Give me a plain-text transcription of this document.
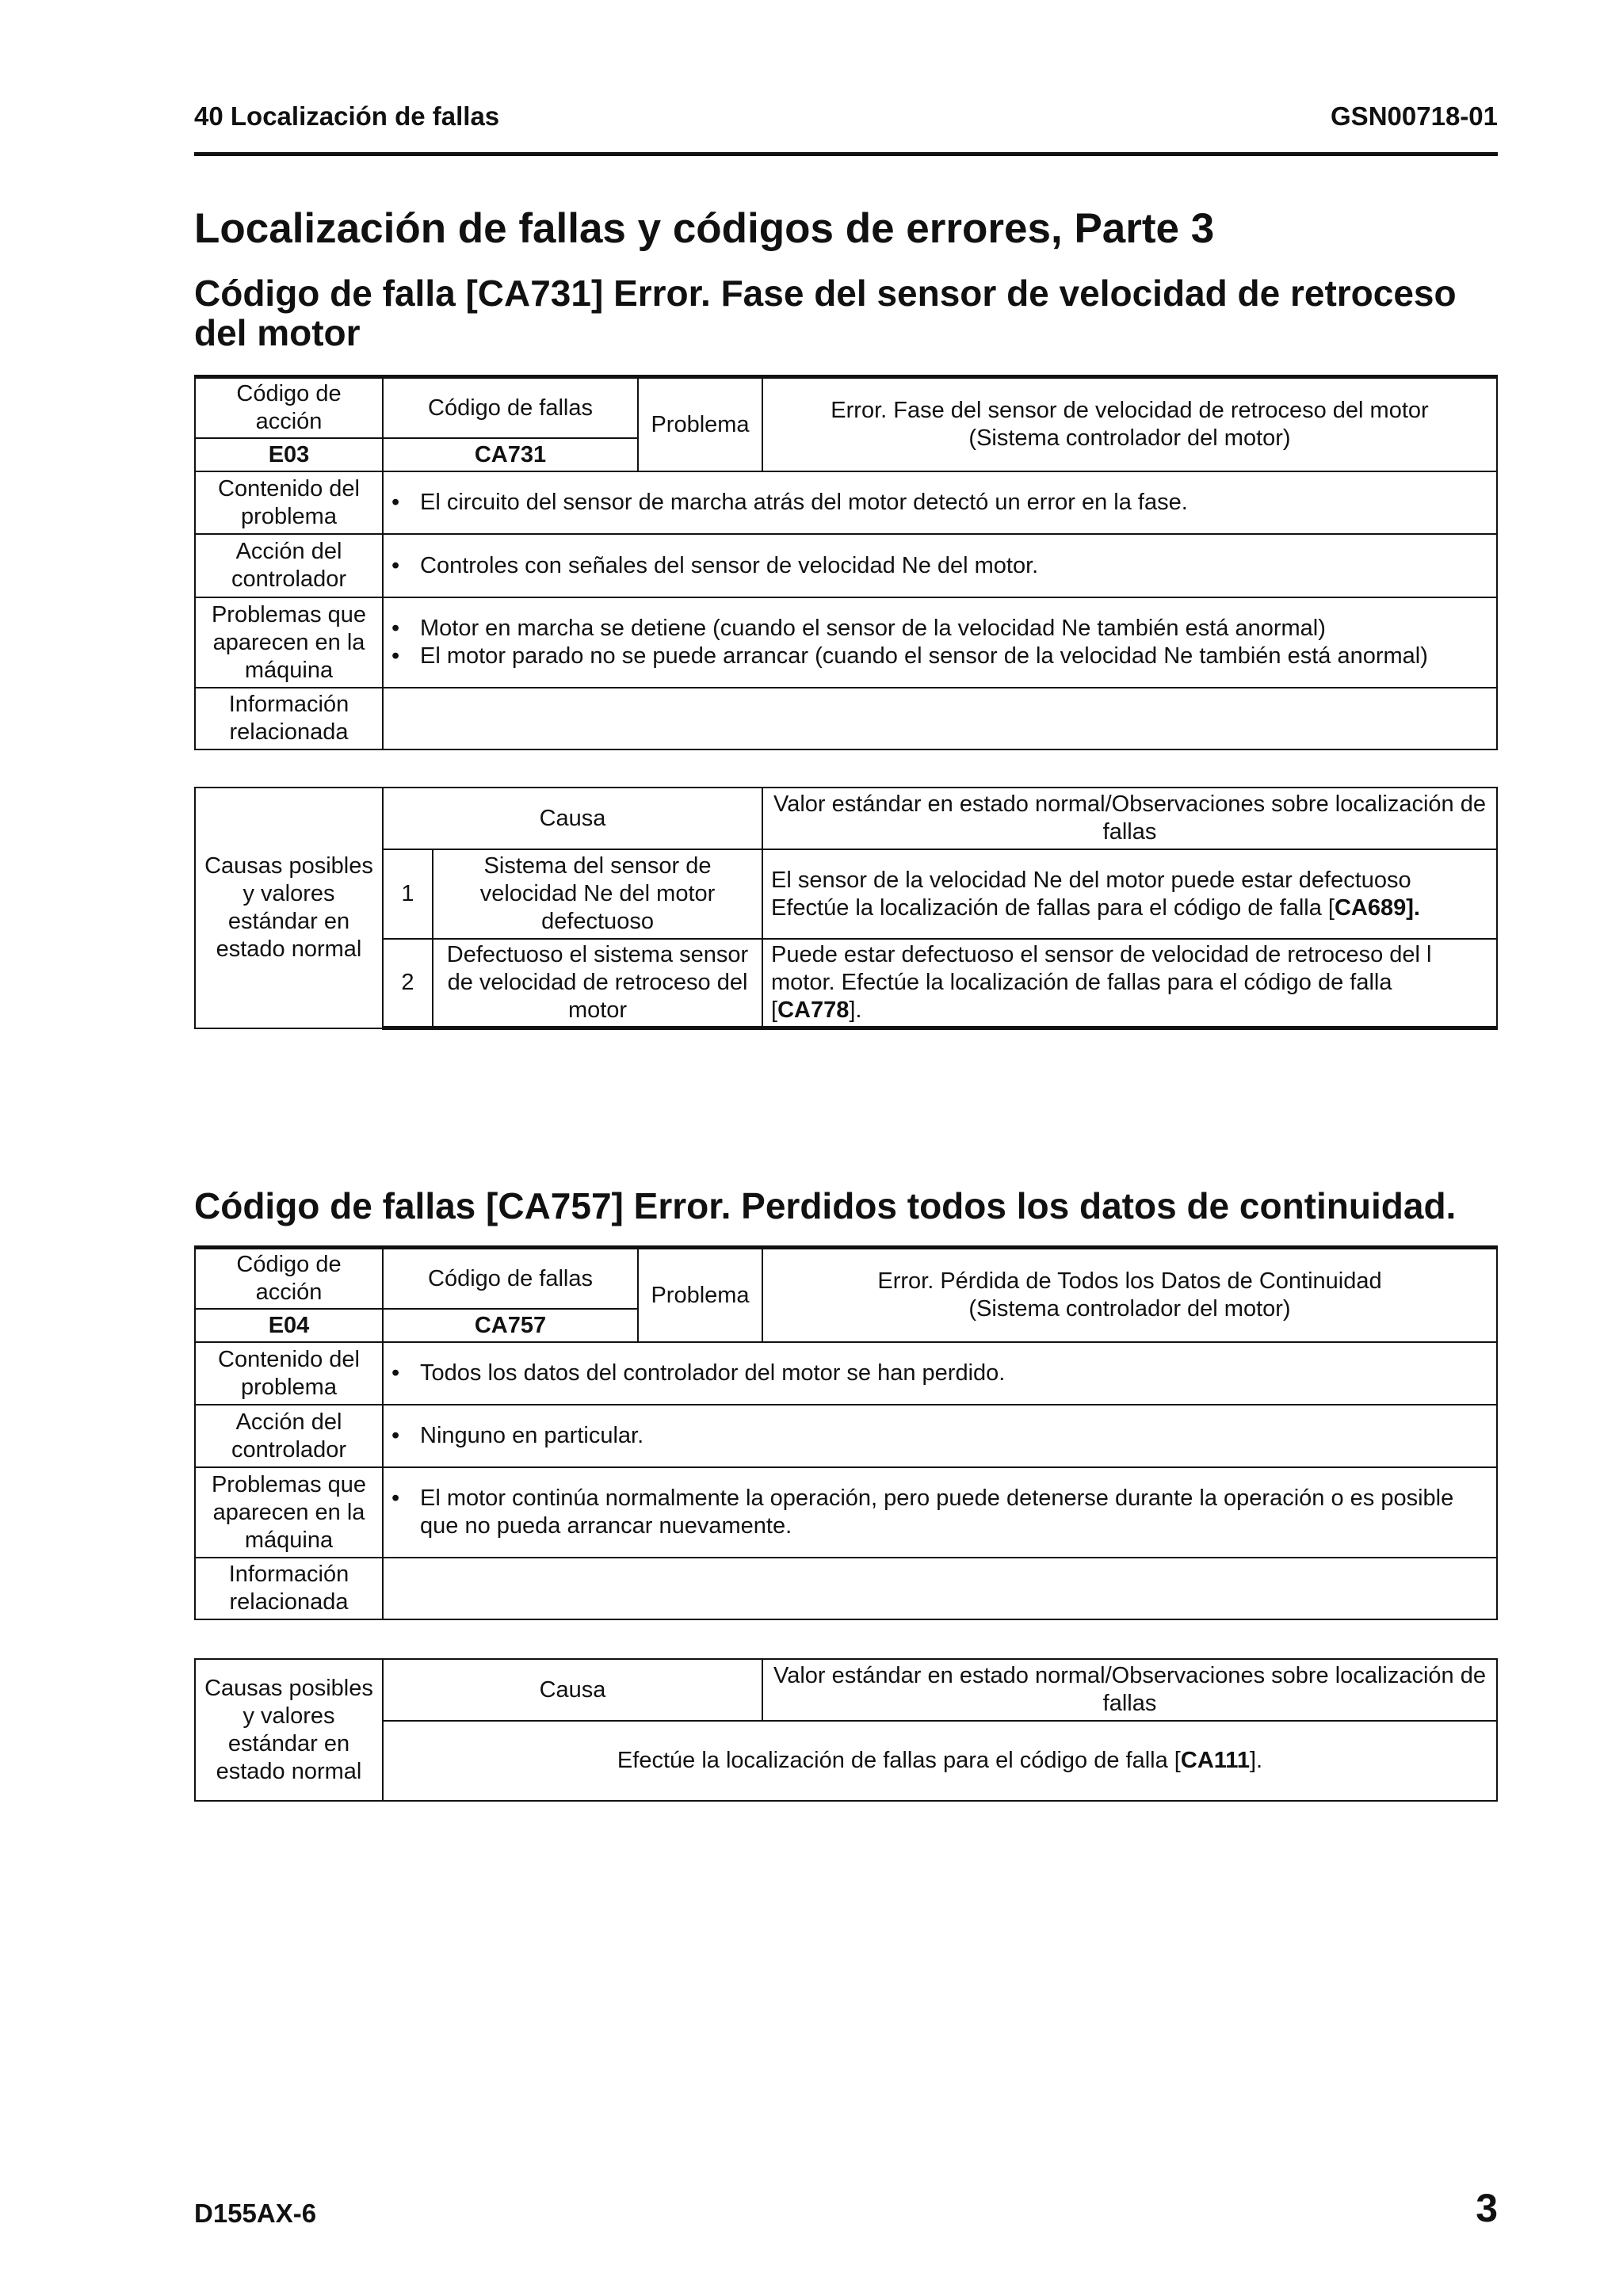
40 Localización de fallas	GSN00718-01
Localización de fallas y códigos de errores, Parte 3
Código de falla [CA731] Error. Fase del sensor de velocidad de retroceso del motor
Código de acción	Código de fallas	Problema	Error. Fase del sensor de velocidad de retroceso del motor
(Sistema controlador del motor)

E03	CA731		
Contenido del problema	• El circuito del sensor de marcha atrás del motor detectó un error en la fase.		

Acción del controlador	• Controles con señales del sensor de velocidad Ne del motor.		

Problemas que aparecen en la máquina	• Motor en marcha se detiene (cuando el sensor de la velocidad Ne también está anormal)
• El motor parado no se puede arrancar (cuando el sensor de la velocidad Ne también está anormal)		

Información relacionada			
Causas posibles y valores estándar en estado normal	Causa		Valor estándar en estado normal/Observaciones sobre localización de fallas
	1	Sistema del sensor de velocidad Ne del motor defectuoso	El sensor de la velocidad Ne del motor puede estar defectuoso
Efectúe la localización de fallas para el código de falla [CA689].

	2	Defectuoso el sistema sensor de velocidad de retroceso del motor	Puede estar defectuoso el sensor de velocidad de retroceso del l motor. Efectúe la localización de fallas para el código de falla
[CA778].
Código de fallas [CA757] Error. Perdidos todos los datos de continuidad.
Código de acción	Código de fallas	Problema	Error. Pérdida de Todos los Datos de Continuidad
(Sistema controlador del motor)

E04	CA757		
Contenido del problema	• Todos los datos del controlador del motor se han perdido.		

Acción del controlador	• Ninguno en particular.		

Problemas que aparecen en la máquina	• El motor continúa normalmente la operación, pero puede detenerse durante la operación o es posible que no pueda arrancar nuevamente.		

Información relacionada			
Causas posibles y valores estándar en estado normal	Causa	Valor estándar en estado normal/Observaciones sobre localización de fallas
Efectúe la localización de fallas para el código de falla [CA111].
D155AX-6	3
